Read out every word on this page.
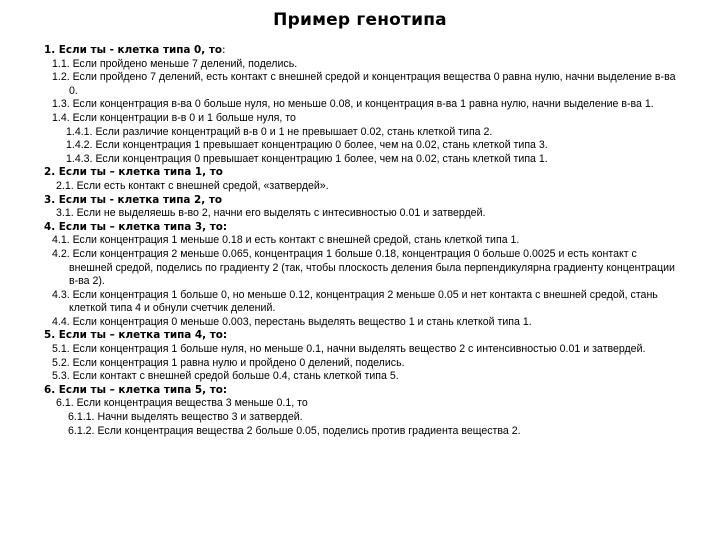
Пример генотипа
1. Если ты - клетка типа 0, то:
1.1. Если пройдено меньше 7 делений, поделись.
1.2. Если пройдено 7 делений, есть контакт с внешней средой и концентрация вещества 0 равна нулю, начни выделение в-ва 0.
1.3. Если концентрация в-ва 0 больше нуля, но меньше 0.08, и концентрация в-ва 1 равна нулю, начни выделение в-ва 1.
1.4. Если концентрации в-в 0 и 1 больше нуля, то
1.4.1. Если различие концентраций в-в 0 и 1 не превышает 0.02, стань клеткой типа 2.
1.4.2. Если концентрация 1 превышает концентрацию 0 более, чем на 0.02, стань клеткой типа 3.
1.4.3. Если концентрация 0 превышает концентрацию 1 более, чем на 0.02, стань клеткой типа 1.
2. Если ты – клетка типа 1, то
2.1. Если есть контакт с внешней средой, «затвердей».
3. Если ты - клетка типа 2, то
3.1. Если не выделяешь в-во 2, начни его выделять с интесивностью 0.01 и затвердей.
4. Если ты – клетка типа 3, то:
4.1. Если концентрация 1 меньше 0.18 и есть контакт с внешней средой, стань клеткой типа 1.
4.2. Если концентрация 2 меньше 0.065, концентрация 1 больше 0.18, концентрация 0 больше 0.0025 и есть контакт с внешней средой, поделись по градиенту 2 (так, чтобы плоскость деления была перпендикулярна градиенту концентрации в-ва 2).
4.3. Если концентрация 1 больше 0, но меньше 0.12, концентрация 2 меньше 0.05 и нет контакта с внешней средой, стань клеткой типа 4 и обнули счетчик делений.
4.4. Если концентрация 0 меньше 0.003, перестань выделять вещество 1 и стань клеткой типа 1.
5. Если ты – клетка типа 4, то:
5.1. Если концентрация 1 больше нуля, но меньше 0.1, начни выделять вещество 2 с интенсивностью 0.01 и затвердей.
5.2. Если концентрация 1 равна нулю и пройдено 0 делений, поделись.
5.3. Если контакт с внешней средой больше 0.4, стань клеткой типа 5.
6. Если ты – клетка типа 5, то:
6.1. Если концентрация вещества 3 меньше 0.1, то
6.1.1. Начни выделять вещество 3 и затвердей.
6.1.2. Если концентрация вещества 2 больше 0.05, поделись против градиента вещества 2.
